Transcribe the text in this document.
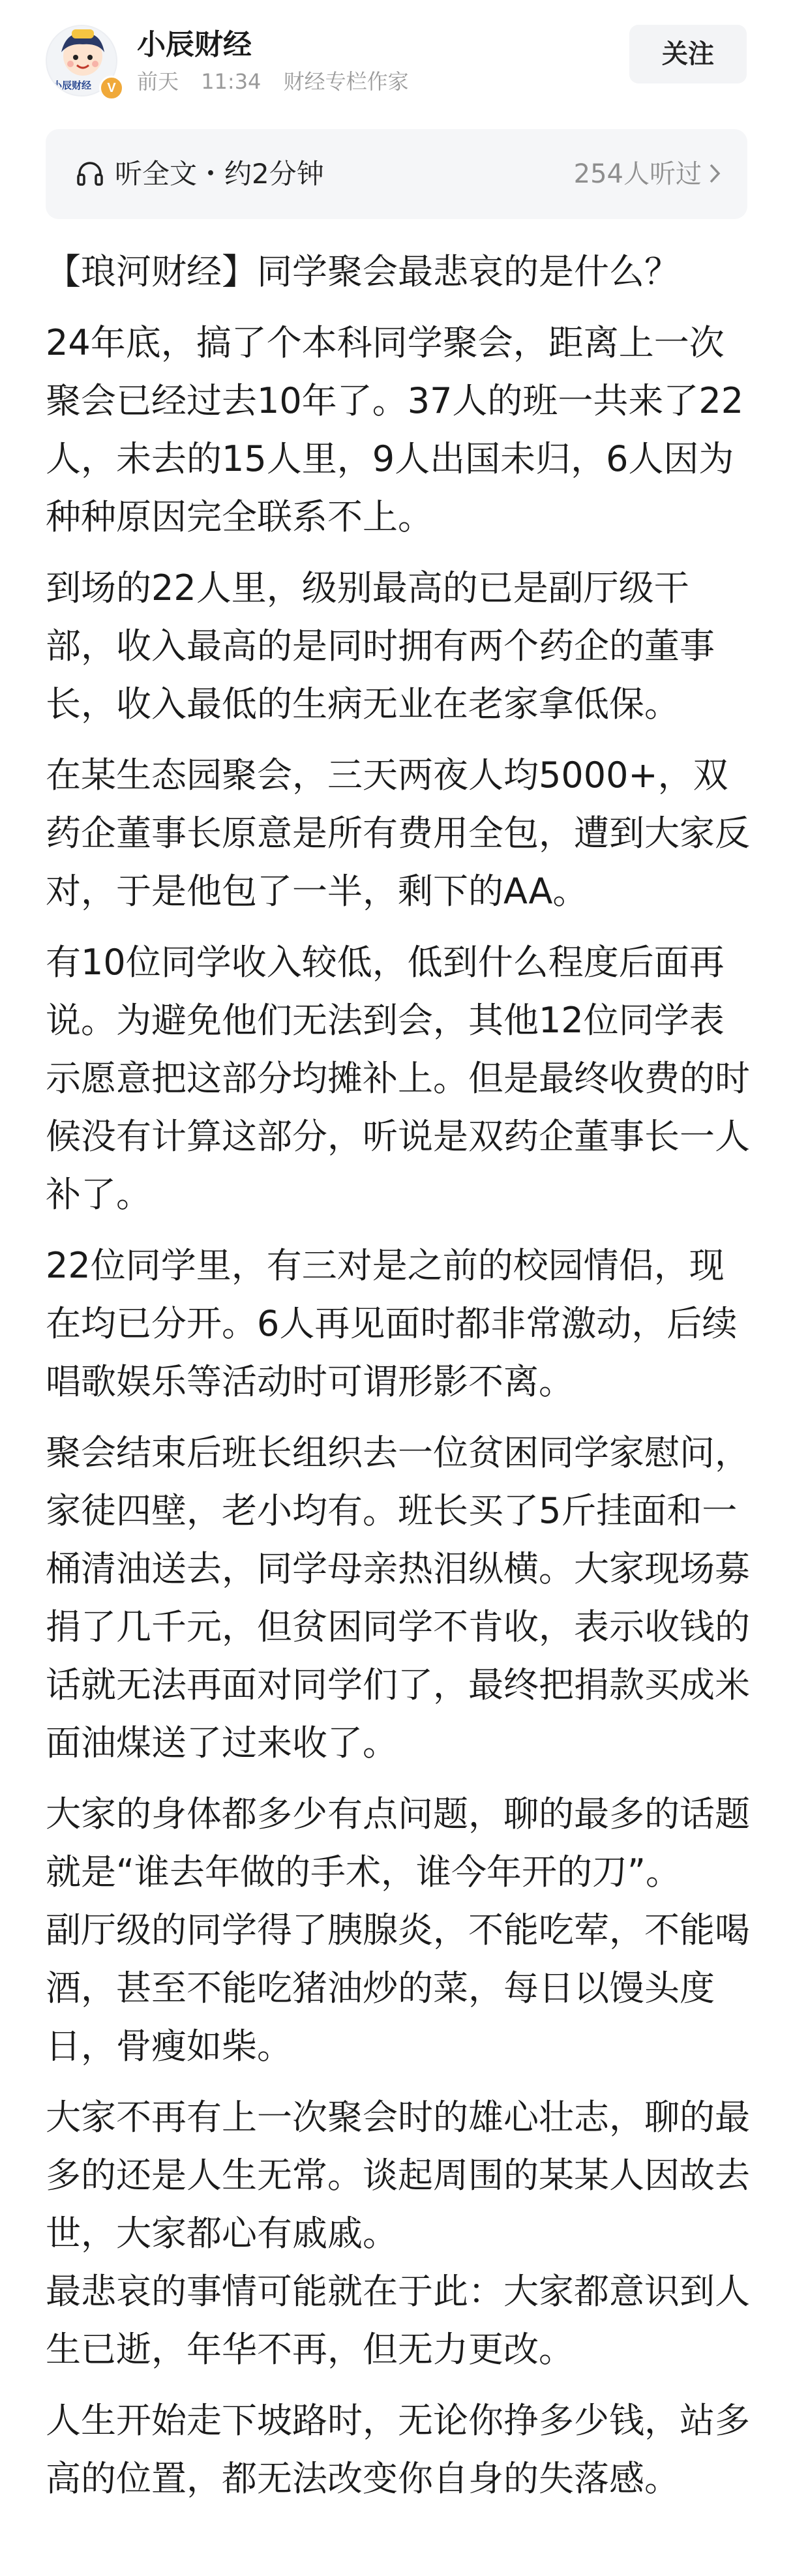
小辰财经	V
小辰财经
前天 11:34 财经专栏作家
关注
听全文・约2分钟	254人听过

【琅河财经】同学聚会最悲哀的是什么？

24年底，搞了个本科同学聚会，距离上一次聚会已经过去10年了。37人的班一共来了22人，未去的15人里，9人出国未归，6人因为种种原因完全联系不上。

到场的22人里，级别最高的已是副厅级干部，收入最高的是同时拥有两个药企的董事长，收入最低的生病无业在老家拿低保。

在某生态园聚会，三天两夜人均5000+，双药企董事长原意是所有费用全包，遭到大家反对，于是他包了一半，剩下的AA。

有10位同学收入较低，低到什么程度后面再说。为避免他们无法到会，其他12位同学表示愿意把这部分均摊补上。但是最终收费的时候没有计算这部分，听说是双药企董事长一人补了。

22位同学里，有三对是之前的校园情侣，现在均已分开。6人再见面时都非常激动，后续唱歌娱乐等活动时可谓形影不离。

聚会结束后班长组织去一位贫困同学家慰问，家徒四壁，老小均有。班长买了5斤挂面和一桶清油送去，同学母亲热泪纵横。大家现场募捐了几千元，但贫困同学不肯收，表示收钱的话就无法再面对同学们了，最终把捐款买成米面油煤送了过来收了。

大家的身体都多少有点问题，聊的最多的话题就是“谁去年做的手术，谁今年开的刀”。

副厅级的同学得了胰腺炎，不能吃荤，不能喝酒，甚至不能吃猪油炒的菜，每日以馒头度日，骨瘦如柴。

大家不再有上一次聚会时的雄心壮志，聊的最多的还是人生无常。谈起周围的某某人因故去世，大家都心有戚戚。

最悲哀的事情可能就在于此：大家都意识到人生已逝，年华不再，但无力更改。

人生开始走下坡路时，无论你挣多少钱，站多高的位置，都无法改变你自身的失落感。
